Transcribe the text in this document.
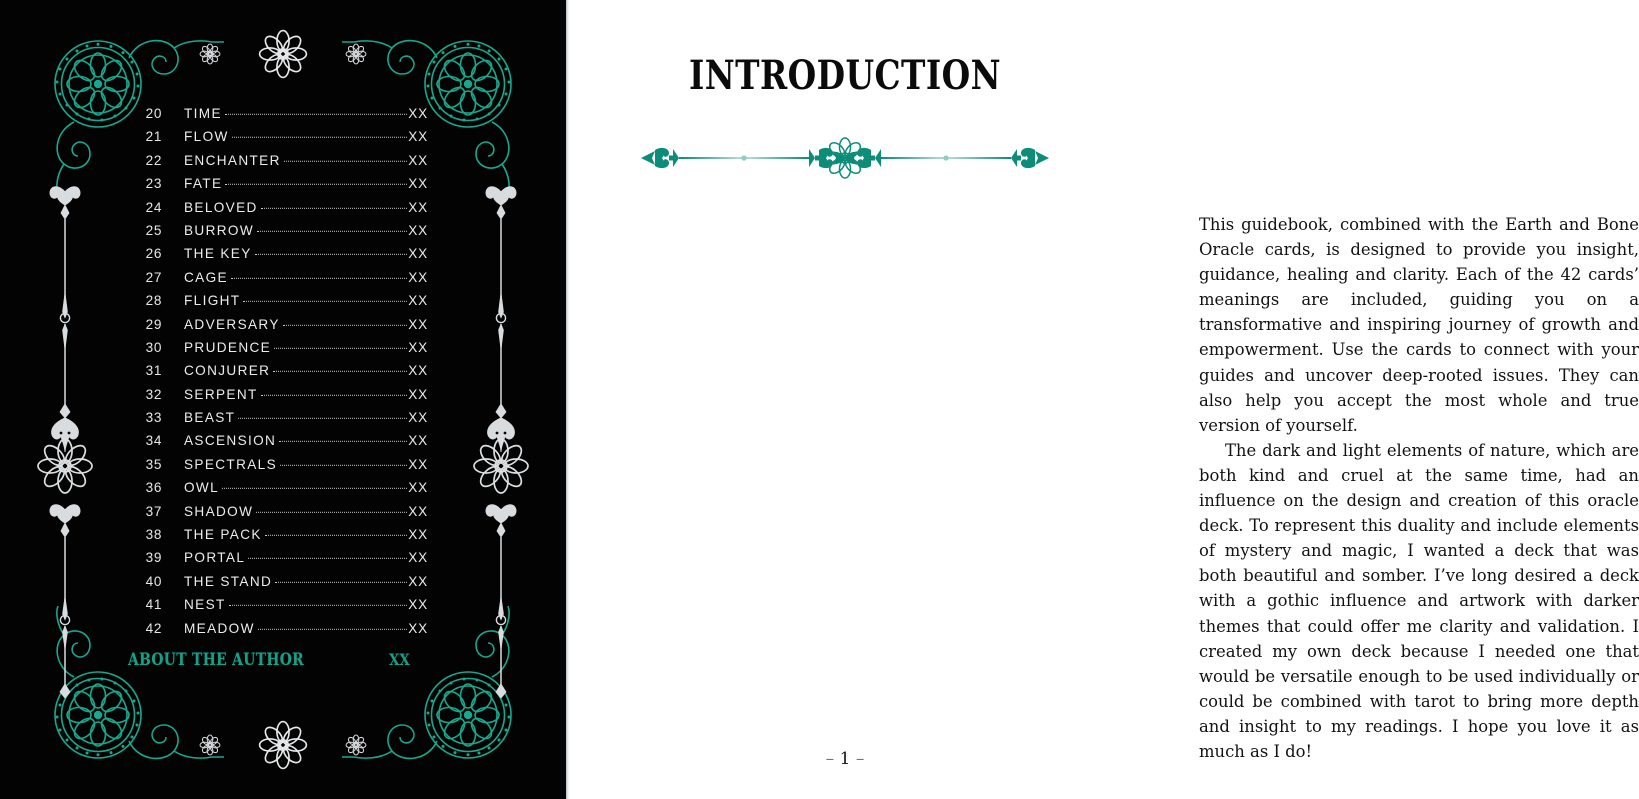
20 TIME	XX
21 FLOW	XX
22 ENCHANTER	XX
23 FATE	XX
24 BELOVED	XX
25 BURROW	XX
26 THE KEY	XX
27 CAGE	XX
28 FLIGHT	XX
29 ADVERSARY	XX
30 PRUDENCE	XX
31 CONJURER	XX
32 SERPENT	XX
33 BEAST	XX
34 ASCENSION	XX
35 SPECTRALS	XX
36 OWL	XX
37 SHADOW	XX
38 THE PACK	XX
39 PORTAL	XX
40 THE STAND	XX
41 NEST	XX
42 MEADOW	XX
ABOUT THE AUTHOR	XX
INTRODUCTION

This guidebook, combined with the Earth and Bone Oracle cards, is designed to provide you insight, guidance, healing and clarity. Each of the 42 cards’ meanings are included, guiding you on a transformative and inspiring journey of growth and empowerment. Use the cards to connect with your guides and uncover deep-rooted issues. They can also help you accept the most whole and true version of yourself.

The dark and light elements of nature, which are both kind and cruel at the same time, had an influence on the design and creation of this oracle deck. To represent this duality and include elements of mystery and magic, I wanted a deck that was both beautiful and somber. I’ve long desired a deck with a gothic influence and artwork with darker themes that could offer me clarity and validation. I created my own deck because I needed one that would be versatile enough to be used individually or could be combined with tarot to bring more depth and insight to my readings. I hope you love it as much as I do!

– 1 –
